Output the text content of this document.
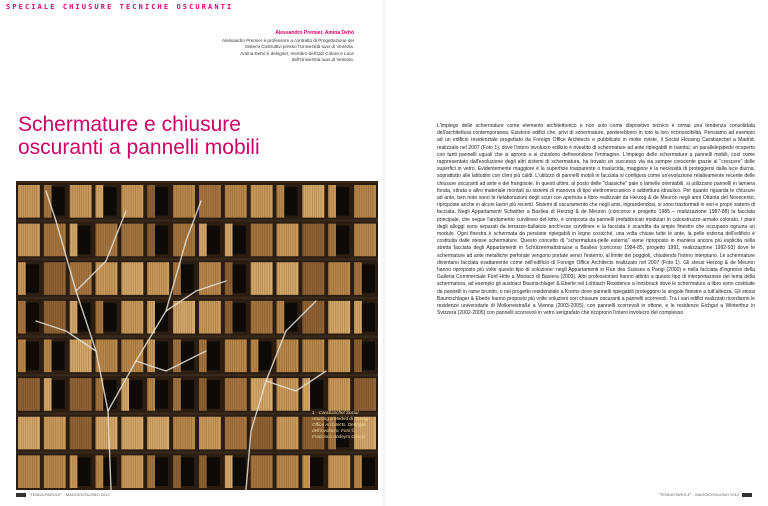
SPECIALE CHIUSURE TECNICHE OSCURANTI
Alessandro Premier, Amina Dehò
Alessandro Premier è professore a contratto di Progettazione dei
Sistemi Costruttivi presso l'Università Iuav di Venezia.
Amina Dehò è designer, membro dell'Udr Colore e Luce
dell'Università Iuav di Venezia.
Schermature e chiusure
oscuranti a pannelli mobili
1 - Carabanchel Social Housing a Madrid di Foreign Office Architects. Dettaglio dell'involucro. Foto © Francisco Andeyro García
L'impiego delle schermature come elemento architettonico e non solo come dispositivo tecnico è ormai una tendenza consolidata dell'architettura contemporanea. Esistono edifici che, privi di schermature, perderebbero in toto la loro riconoscibilità. Pensiamo ad esempio ad un edificio residenziale progettato da Foreign Office Architects e pubblicato in molte riviste, il Social Housing Carabanchel a Madrid, realizzato nel 2007 (Foto 1), dove l'intero involucro edilizio è rivestito di schermature ad ante ripiegabili in bambù; un parallelepipedo ricoperto con tanti pannelli uguali che si aprono e si chiudono defineondone l'immagine. L'impiego delle schermature a pannelli mobili, così come rappresentato dall'evoluzione degli altri sistemi di schermatura, ha trovato un successo via via sempre crescente grazie al "crescere" delle superfici in vetro. Evidentemente maggiore è la superficie trasparente o traslucida, maggiore è la necessità di proteggersi dalla luce diurna, soprattutto alle latitudini con climi più caldi. L'utilizzo di pannelli mobili in facciata si configura come un'evoluzione relativamente recente delle chiusure oscuranti ad ante e dei frangisole. In questi ultimi, al posto delle "classiche" pale o lamelle orientabili, si utilizzano pannelli in lamiera forata, stirata o altro materiale montati su sistemi di manovra di tipo elettromeccanico o addirittura idraulico. Per quanto riguarda le chiusure ad ante, ben note sono le rielaborazioni degli scuri con apertura a libro realizzate da Herzog & de Meuron negli anni Ottanta del Novecento, riproposte anche in alcuni lavori più recenti. Sistemi di oscuramento che negli anni, ingrandendosi, si sono trasformati in veri e propri sistemi di facciata. Negli Appartamenti Schwitter a Basilea di Herzog & de Meuron (concorso e progetto 1985 – realizzazione 1987-88) la facciata principale, che segue l'andamento curvilineo del lotto, è composta da pannelli prefabbricati modulari in calcestruzzo armato colorato. I piani degli alloggi sono separati da terrazze-ballatoio anch'esse curvilinee e la facciata è scandita da ampie finestre che occupano ognuna un modulo. Ogni finestra è schermata da persiane ripiegabili in legno cosicché, una volta chiuse tutte le ante, la pelle esterna dell'edificio è costituita dalle stesse schermature. Questo concetto di "schermatura-pelle esterna" viene riproposto in maniera ancora più esplicita nella stretta facciata degli Appartamenti in Schützenmattstrasse a Basilea (concorso 1984-85, progetto 1991, realizzazione 1992-93) dove le schermature ad ante metalliche perforate vengono portate verso l'esterno, al limite dei poggioli, chiudendo l'intero interpiano. Le schermature diventano facciata esattamente come nell'edificio di Foreign Office Architects realizzato nel 2007 (Foto 1). Gli stessi Herzog & de Meuron hanno riproposto più volte questo tipo di soluzione: negli Appartamenti in Rue des Suisses a Parigi (2000) e nella facciata d'ingresso della Galleria Commerciale Fünf Höfe a Monaco di Baviera (2003). Altri professionisti hanno attinto a questo tipo di interpretazione del tema della schermatura, ad esempio gli austriaci Baumschlager & Eberle nel Lohbach Residence a Innsbruck dove le schermature a libro sono costituite da pannelli in rame brunito, o nel progetto residenziale a Krems dove pannelli ripiegabili proteggono le singole finestre a tutt'altezza. Gli stessi Baumschlager & Eberle hanno proposto più volte soluzioni con chiusure oscuranti a pannelli scorrevoli. Tra i vari edifici realizzati ricordiamo le residenze universitarie di Molkereistraße a Vienna (2003-2005), con pannelli scorrevoli in ottone, e le residenze Eichgut a Winterthur in Svizzera (2002-2005) con pannelli scorrevoli in vetro serigrafato che ricoprono l'intero involucro del complesso.
"TENDA PAROLE" - MAGGIO/GIUGNO 2012	"TENDA PAROLE" - MAGGIO/GIUGNO 2012
